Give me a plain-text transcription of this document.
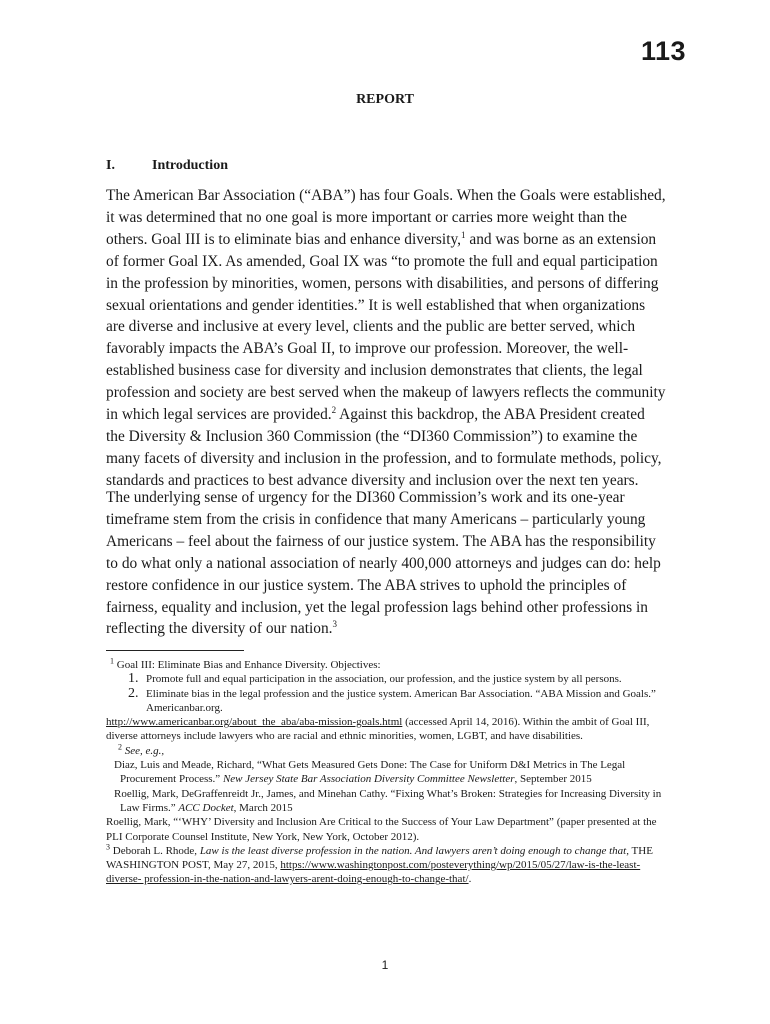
113
REPORT
I.	Introduction

The American Bar Association (“ABA”) has four Goals. When the Goals were established, it was determined that no one goal is more important or carries more weight than the others. Goal III is to eliminate bias and enhance diversity,$^1$ and was borne as an extension of former Goal IX. As amended, Goal IX was “to promote the full and equal participation in the profession by minorities, women, persons with disabilities, and persons of differing sexual orientations and gender identities.” It is well established that when organizations are diverse and inclusive at every level, clients and the public are better served, which favorably impacts the ABA’s Goal II, to improve our profession. Moreover, the well-established business case for diversity and inclusion demonstrates that clients, the legal profession and society are best served when the makeup of lawyers reflects the community in which legal services are provided.$^2$ Against this backdrop, the ABA President created the Diversity & Inclusion 360 Commission (the “DI360 Commission”) to examine the many facets of diversity and inclusion in the profession, and to formulate methods, policy, standards and practices to best advance diversity and inclusion over the next ten years.

The underlying sense of urgency for the DI360 Commission’s work and its one-year timeframe stem from the crisis in confidence that many Americans – particularly young Americans – feel about the fairness of our justice system. The ABA has the responsibility to do what only a national association of nearly 400,000 attorneys and judges can do: help restore confidence in our justice system. The ABA strives to uphold the principles of fairness, equality and inclusion, yet the legal profession lags behind other professions in reflecting the diversity of our nation.$^3$

$^1$ Goal III: Eliminate Bias and Enhance Diversity. Objectives:

1. Promote full and equal participation in the association, our profession, and the justice system by all persons.

2. Eliminate bias in the legal profession and the justice system. American Bar Association. “ABA Mission and Goals.” Americanbar.org.

http://www.americanbar.org/about_the_aba/aba-mission-goals.html (accessed April 14, 2016). Within the ambit of Goal III, diverse attorneys include lawyers who are racial and ethnic minorities, women, LGBT, and have disabilities.

$^2$ See, e.g.,

Diaz, Luis and Meade, Richard, “What Gets Measured Gets Done: The Case for Uniform D&I Metrics in The Legal Procurement Process.” New Jersey State Bar Association Diversity Committee Newsletter, September 2015

Roellig, Mark, DeGraffenreidt Jr., James, and Minehan Cathy. “Fixing What’s Broken: Strategies for Increasing Diversity in Law Firms.” ACC Docket, March 2015

Roellig, Mark, “‘WHY’ Diversity and Inclusion Are Critical to the Success of Your Law Department” (paper presented at the PLI Corporate Counsel Institute, New York, New York, October 2012).

$^3$ Deborah L. Rhode, Law is the least diverse profession in the nation. And lawyers aren’t doing enough to change that, THE WASHINGTON POST, May 27, 2015, https://www.washingtonpost.com/posteverything/wp/2015/05/27/law-is-the-least-diverse- profession-in-the-nation-and-lawyers-arent-doing-enough-to-change-that/.

1
